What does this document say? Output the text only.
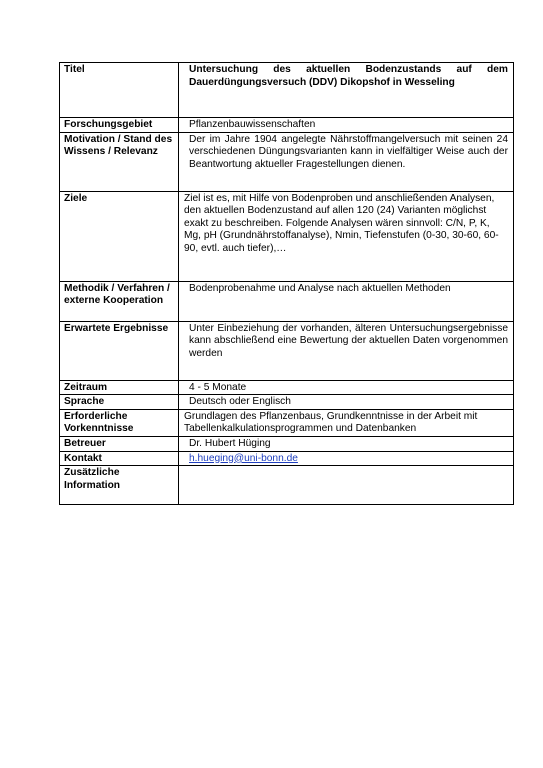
Titel	Untersuchung des aktuellen Bodenzustands auf dem Dauerdüngungsversuch (DDV) Dikopshof in Wesseling
Forschungsgebiet	Pflanzenbauwissenschaften
Motivation / Stand des Wissens / Relevanz	Der im Jahre 1904 angelegte Nährstoffmangelversuch mit seinen 24 verschiedenen Düngungsvarianten kann in vielfältiger Weise auch der Beantwortung aktueller Fragestellungen dienen.
Ziele	Ziel ist es, mit Hilfe von Bodenproben und anschließenden Analysen, den aktuellen Bodenzustand auf allen 120 (24) Varianten möglichst exakt zu beschreiben. Folgende Analysen wären sinnvoll: C/N, P, K, Mg, pH (Grundnährstoffanalyse), Nmin, Tiefenstufen (0-30, 30-60, 60-90, evtl. auch tiefer),…
Methodik / Verfahren / externe Kooperation	Bodenprobenahme und Analyse nach aktuellen Methoden
Erwartete Ergebnisse	Unter Einbeziehung der vorhanden, älteren Untersuchungsergebnisse kann abschließend eine Bewertung der aktuellen Daten vorgenommen werden
Zeitraum	4 - 5 Monate
Sprache	Deutsch oder Englisch
Erforderliche Vorkenntnisse	Grundlagen des Pflanzenbaus, Grundkenntnisse in der Arbeit mit Tabellenkalkulationsprogrammen und Datenbanken
Betreuer	Dr. Hubert Hüging
Kontakt	h.hueging@uni-bonn.de
Zusätzliche Information	
